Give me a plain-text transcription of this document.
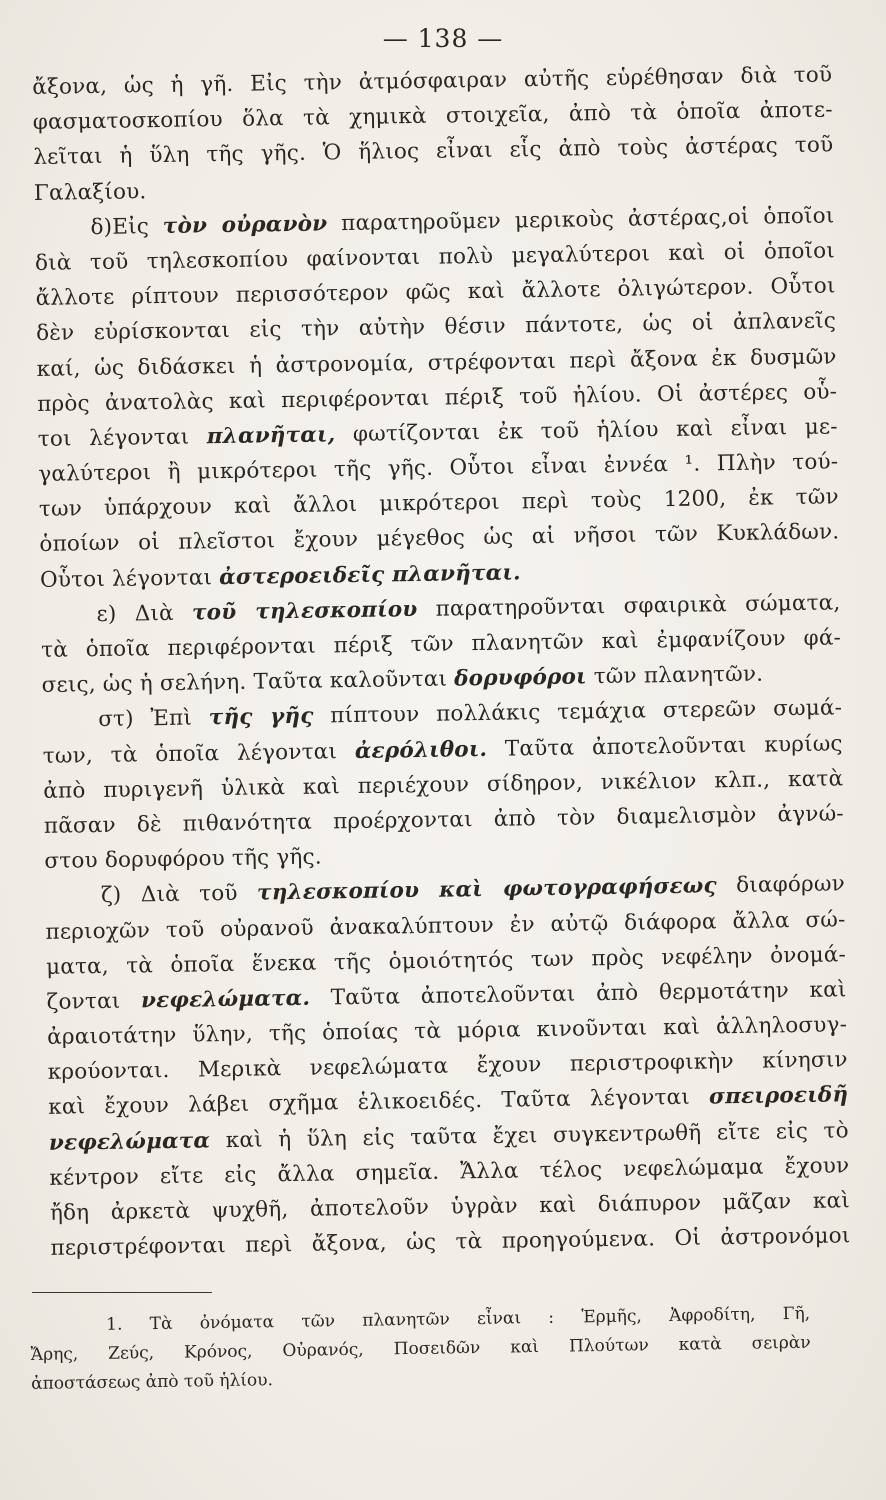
— 138 —
ἄξονα, ὡς ἡ γῆ. Εἰς τὴν ἀτμόσφαιραν αὐτῆς εὑρέθησαν διὰ τοῦ
φασματοσκοπίου ὅλα τὰ χημικὰ στοιχεῖα, ἀπὸ τὰ ὁποῖα ἀποτε-
λεῖται ἡ ὕλη τῆς γῆς. Ὁ ἥλιος εἶναι εἷς ἀπὸ τοὺς ἀστέρας τοῦ
Γαλαξίου.
δ)Εἰς τὸν οὐρανὸν παρατηροῦμεν μερικοὺς ἀστέρας,οἱ ὁποῖοι
διὰ τοῦ τηλεσκοπίου φαίνονται πολὺ μεγαλύτεροι καὶ οἱ ὁποῖοι
ἄλλοτε ρίπτουν περισσότερον φῶς καὶ ἄλλοτε ὀλιγώτερον. Οὗτοι
δὲν εὑρίσκονται εἰς τὴν αὐτὴν θέσιν πάντοτε, ὡς οἱ ἀπλανεῖς
καί, ὡς διδάσκει ἡ ἀστρονομία, στρέφονται περὶ ἄξονα ἐκ δυσμῶν
πρὸς ἀνατολὰς καὶ περιφέρονται πέριξ τοῦ ἡλίου. Οἱ ἀστέρες οὗ-
τοι λέγονται πλανῆται, φωτίζονται ἐκ τοῦ ἡλίου καὶ εἶναι με-
γαλύτεροι ἢ μικρότεροι τῆς γῆς. Οὗτοι εἶναι ἐννέα ¹. Πλὴν τού-
των ὑπάρχουν καὶ ἄλλοι μικρότεροι περὶ τοὺς 1200, ἐκ τῶν
ὁποίων οἱ πλεῖστοι ἔχουν μέγεθος ὡς αἱ νῆσοι τῶν Κυκλάδων.
Οὗτοι λέγονται ἀστεροειδεῖς πλανῆται.
ε) Διὰ τοῦ τηλεσκοπίου παρατηροῦνται σφαιρικὰ σώματα,
τὰ ὁποῖα περιφέρονται πέριξ τῶν πλανητῶν καὶ ἐμφανίζουν φά-
σεις, ὡς ἡ σελήνη. Ταῦτα καλοῦνται δορυφόροι τῶν πλανητῶν.
στ) Ἐπὶ τῆς γῆς πίπτουν πολλάκις τεμάχια στερεῶν σωμά-
των, τὰ ὁποῖα λέγονται ἀερόλιθοι. Ταῦτα ἀποτελοῦνται κυρίως
ἀπὸ πυριγενῆ ὑλικὰ καὶ περιέχουν σίδηρον, νικέλιον κλπ., κατὰ
πᾶσαν δὲ πιθανότητα προέρχονται ἀπὸ τὸν διαμελισμὸν ἀγνώ-
στου δορυφόρου τῆς γῆς.
ζ) Διὰ τοῦ τηλεσκοπίου καὶ φωτογραφήσεως διαφόρων
περιοχῶν τοῦ οὐρανοῦ ἀνακαλύπτουν ἐν αὐτῷ διάφορα ἄλλα σώ-
ματα, τὰ ὁποῖα ἕνεκα τῆς ὁμοιότητός των πρὸς νεφέλην ὀνομά-
ζονται νεφελώματα. Ταῦτα ἀποτελοῦνται ἀπὸ θερμοτάτην καὶ
ἀραιοτάτην ὕλην, τῆς ὁποίας τὰ μόρια κινοῦνται καὶ ἀλληλοσυγ-
κρούονται. Μερικὰ νεφελώματα ἔχουν περιστροφικὴν κίνησιν
καὶ ἔχουν λάβει σχῆμα ἑλικοειδές. Ταῦτα λέγονται σπειροειδῆ
νεφελώματα καὶ ἡ ὕλη εἰς ταῦτα ἔχει συγκεντρωθῆ εἴτε εἰς τὸ
κέντρον εἴτε εἰς ἄλλα σημεῖα. Ἄλλα τέλος νεφελώμαμα ἔχουν
ἤδη ἀρκετὰ ψυχθῆ, ἀποτελοῦν ὑγρὰν καὶ διάπυρον μᾶζαν καὶ
περιστρέφονται περὶ ἄξονα, ὡς τὰ προηγούμενα. Οἱ ἀστρονόμοι
1. Τὰ ὀνόματα τῶν πλανητῶν εἶναι : Ἑρμῆς, Ἀφροδίτη, Γῆ,
Ἄρης, Ζεύς, Κρόνος, Οὐρανός, Ποσειδῶν καὶ Πλούτων κατὰ σειρὰν
ἀποστάσεως ἀπὸ τοῦ ἡλίου.
